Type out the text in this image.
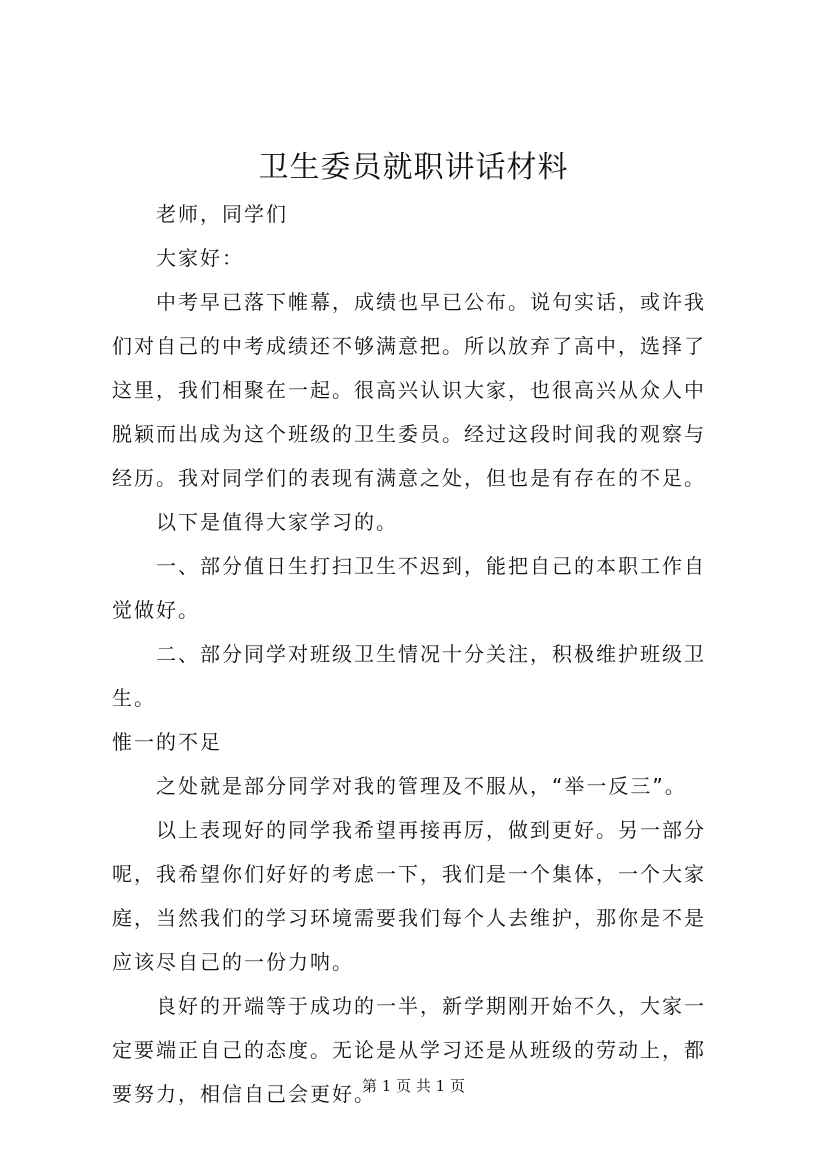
卫生委员就职讲话材料

老师，同学们

大家好：

中考早已落下帷幕，成绩也早已公布。说句实话，或许我们对自己的中考成绩还不够满意把。所以放弃了高中，选择了这里，我们相聚在一起。很高兴认识大家，也很高兴从众人中脱颖而出成为这个班级的卫生委员。经过这段时间我的观察与经历。我对同学们的表现有满意之处，但也是有存在的不足。

以下是值得大家学习的。

一、部分值日生打扫卫生不迟到，能把自己的本职工作自觉做好。

二、部分同学对班级卫生情况十分关注，积极维护班级卫生。

惟一的不足

之处就是部分同学对我的管理及不服从，“举一反三”。

以上表现好的同学我希望再接再厉，做到更好。另一部分呢，我希望你们好好的考虑一下，我们是一个集体，一个大家庭，当然我们的学习环境需要我们每个人去维护，那你是不是应该尽自己的一份力呐。

良好的开端等于成功的一半，新学期刚开始不久，大家一定要端正自己的态度。无论是从学习还是从班级的劳动上，都要努力，相信自己会更好。

第 1 页 共 1 页
